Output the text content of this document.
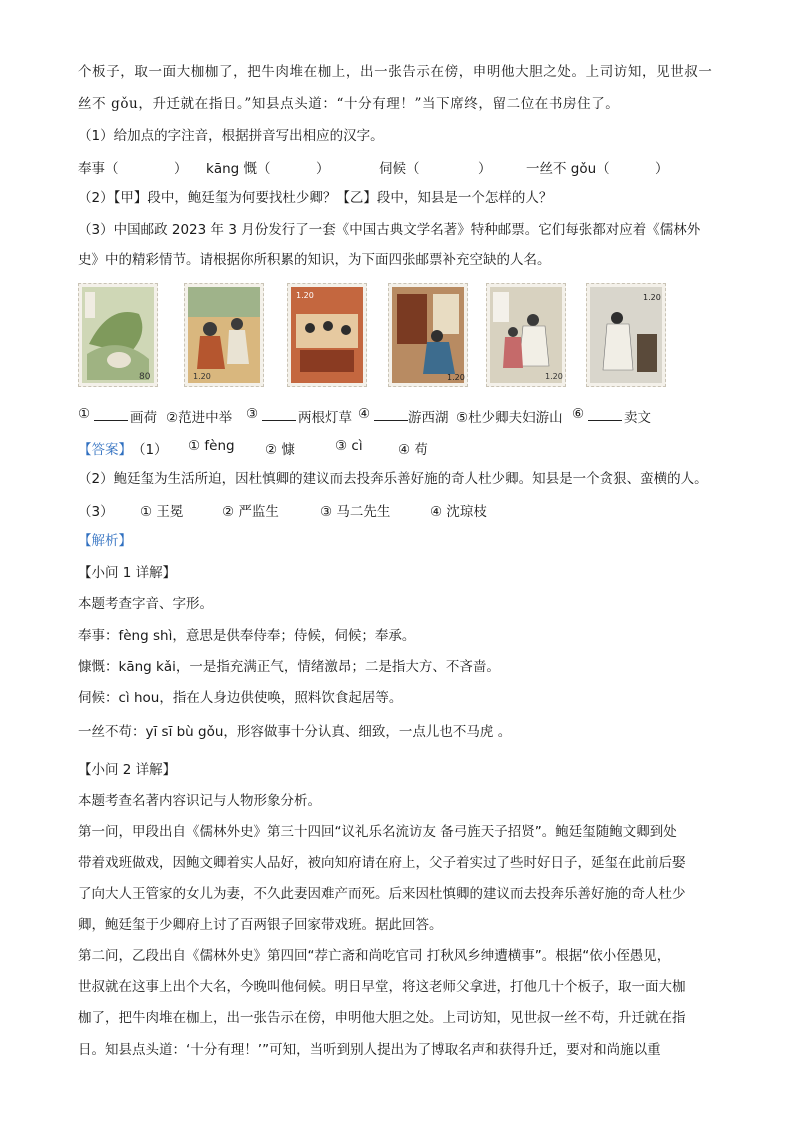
个板子，取一面大枷枷了，把牛肉堆在枷上，出一张告示在傍，申明他大胆之处。上司访知，见世叔一
丝不 gǒu，升迁就在指日。”知县点头道：“十分有理！”当下席终，留二位在书房住了。
（1）给加点的字注音，根据拼音写出相应的汉字。
奉事（	） kāng 慨（	）	伺候（	）	一丝不 gǒu（	）
（2）【甲】段中，鲍廷玺为何要找杜少卿？【乙】段中，知县是一个怎样的人？
（3）中国邮政 2023 年 3 月份发行了一套《中国古典文学名著》特种邮票。它们每张都对应着《儒林外
史》中的精彩情节。请根据你所积累的知识，为下面四张邮票补充空缺的人名。
80	1.20
1.20
1.20	1.20
1.20
①	画荷 ②范进中举 ③	两根灯草 ④	游西湖 ⑤杜少卿夫妇游山 ⑥	卖文
【答案】 （1） ① fèng ② 慷	③ cì	④ 苟
（2）鲍廷玺为生活所迫，因杜慎卿的建议而去投奔乐善好施的奇人杜少卿。知县是一个贪狠、蛮横的人。
（3） ① 王冕	② 严监生	③ 马二先生	④ 沈琼枝
【解析】
【小问 1 详解】
本题考查字音、字形。
奉事：fèng shì，意思是供奉侍奉；侍候，伺候；奉承。
慷慨：kāng kǎi，一是指充满正气，情绪激昂；二是指大方、不吝啬。
伺候：cì hou，指在人身边供使唤，照料饮食起居等。
一丝不苟：yī sī bù gǒu，形容做事十分认真、细致，一点儿也不马虎 。
【小问 2 详解】
本题考查名著内容识记与人物形象分析。
第一问，甲段出自《儒林外史》第三十四回“议礼乐名流访友 备弓旌天子招贤”。鲍廷玺随鲍文卿到处
带着戏班做戏，因鲍文卿着实人品好，被向知府请在府上，父子着实过了些时好日子，延玺在此前后娶
了向大人王管家的女儿为妻，不久此妻因难产而死。后来因杜慎卿的建议而去投奔乐善好施的奇人杜少
卿，鲍廷玺于少卿府上讨了百两银子回家带戏班。据此回答。
第二问，乙段出自《儒林外史》第四回“荐亡斋和尚吃官司 打秋风乡绅遭横事”。根据“依小侄愚见，
世叔就在这事上出个大名，今晚叫他伺候。明日早堂，将这老师父拿进，打他几十个板子，取一面大枷
枷了，把牛肉堆在枷上，出一张告示在傍，申明他大胆之处。上司访知，见世叔一丝不苟，升迁就在指
日。知县点头道：‘十分有理！’”可知，当听到别人提出为了博取名声和获得升迁，要对和尚施以重
